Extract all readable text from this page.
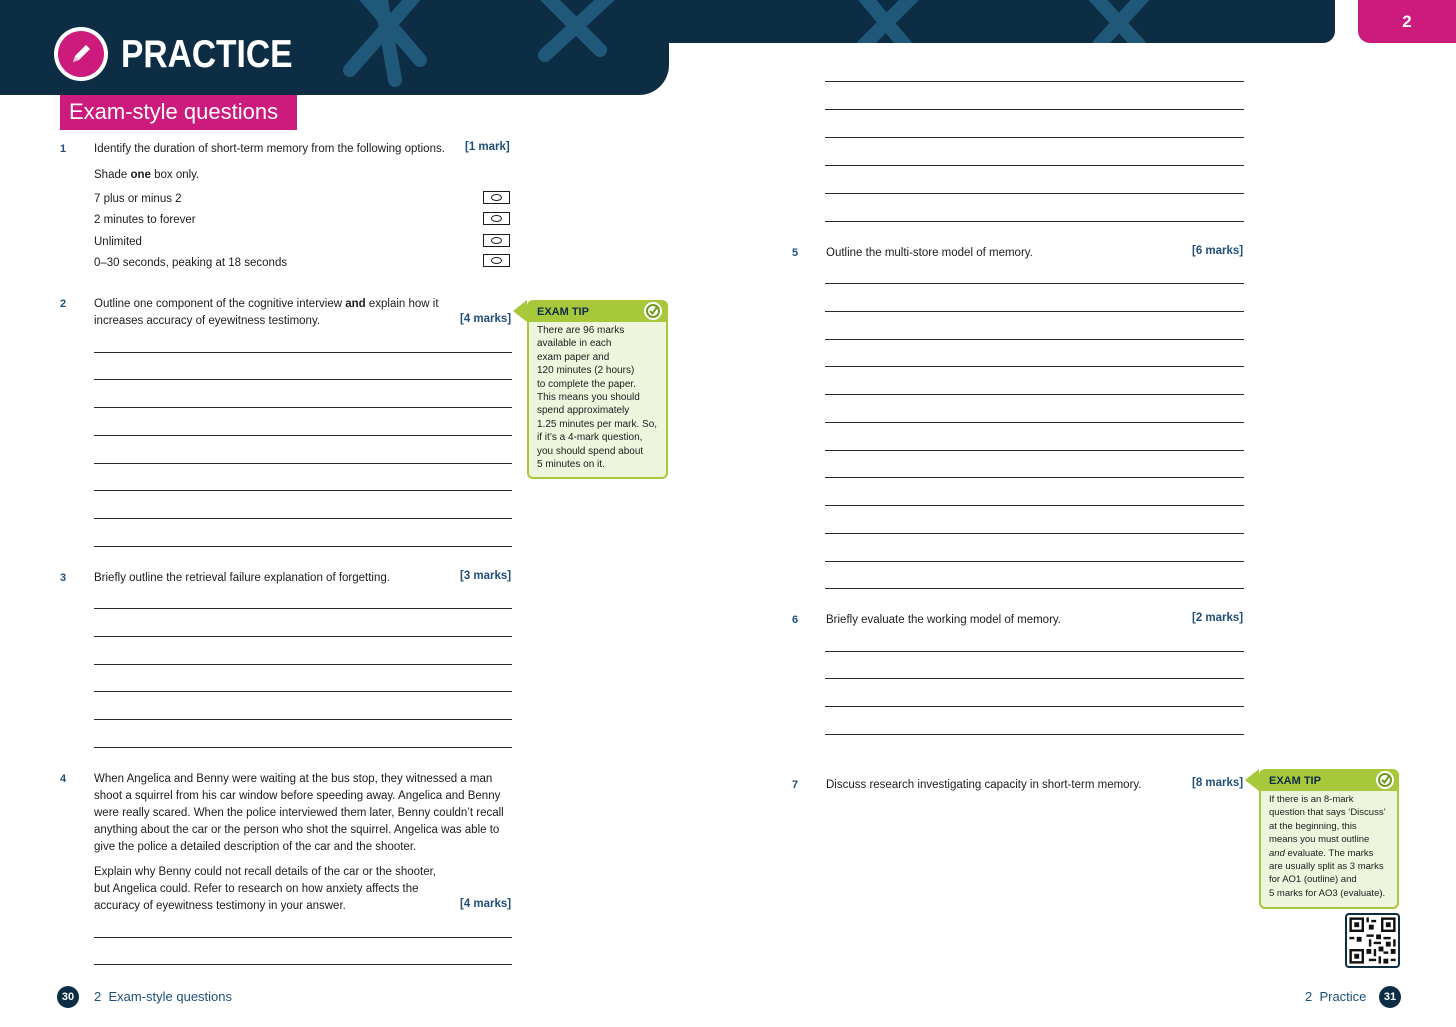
2
PRACTICE
Exam-style questions
1 Identify the duration of short-term memory from the following options. [1 mark]
Shade one box only.
7 plus or minus 2
2 minutes to forever
Unlimited
0–30 seconds, peaking at 18 seconds
2 Outline one component of the cognitive interview and explain how it
increases accuracy of eyewitness testimony.	[4 marks]
EXAM TIP
There are 96 marks
available in each
exam paper and
120 minutes (2 hours)
to complete the paper.
This means you should
spend approximately
1.25 minutes per mark. So,
if it’s a 4-mark question,
you should spend about
5 minutes on it.
3 Briefly outline the retrieval failure explanation of forgetting.	[3 marks]
4 When Angelica and Benny were waiting at the bus stop, they witnessed a man shoot a squirrel from his car window before speeding away. Angelica and Benny were really scared. When the police interviewed them later, Benny couldn’t recall anything about the car or the person who shot the squirrel. Angelica was able to give the police a detailed description of the car and the shooter.
Explain why Benny could not recall details of the car or the shooter, but Angelica could. Refer to research on how anxiety affects the accuracy of eyewitness testimony in your answer.	[4 marks]
5 Outline the multi-store model of memory.	[6 marks]
6 Briefly evaluate the working model of memory.	[2 marks]
7 Discuss research investigating capacity in short-term memory.	[8 marks]	EXAM TIP
If there is an 8-mark
question that says ‘Discuss’
at the beginning, this
means you must outline
and evaluate. The marks
are usually split as 3 marks
for AO1 (outline) and
5 marks for AO3 (evaluate).
30	2  Exam-style questions	2  Practice	31
